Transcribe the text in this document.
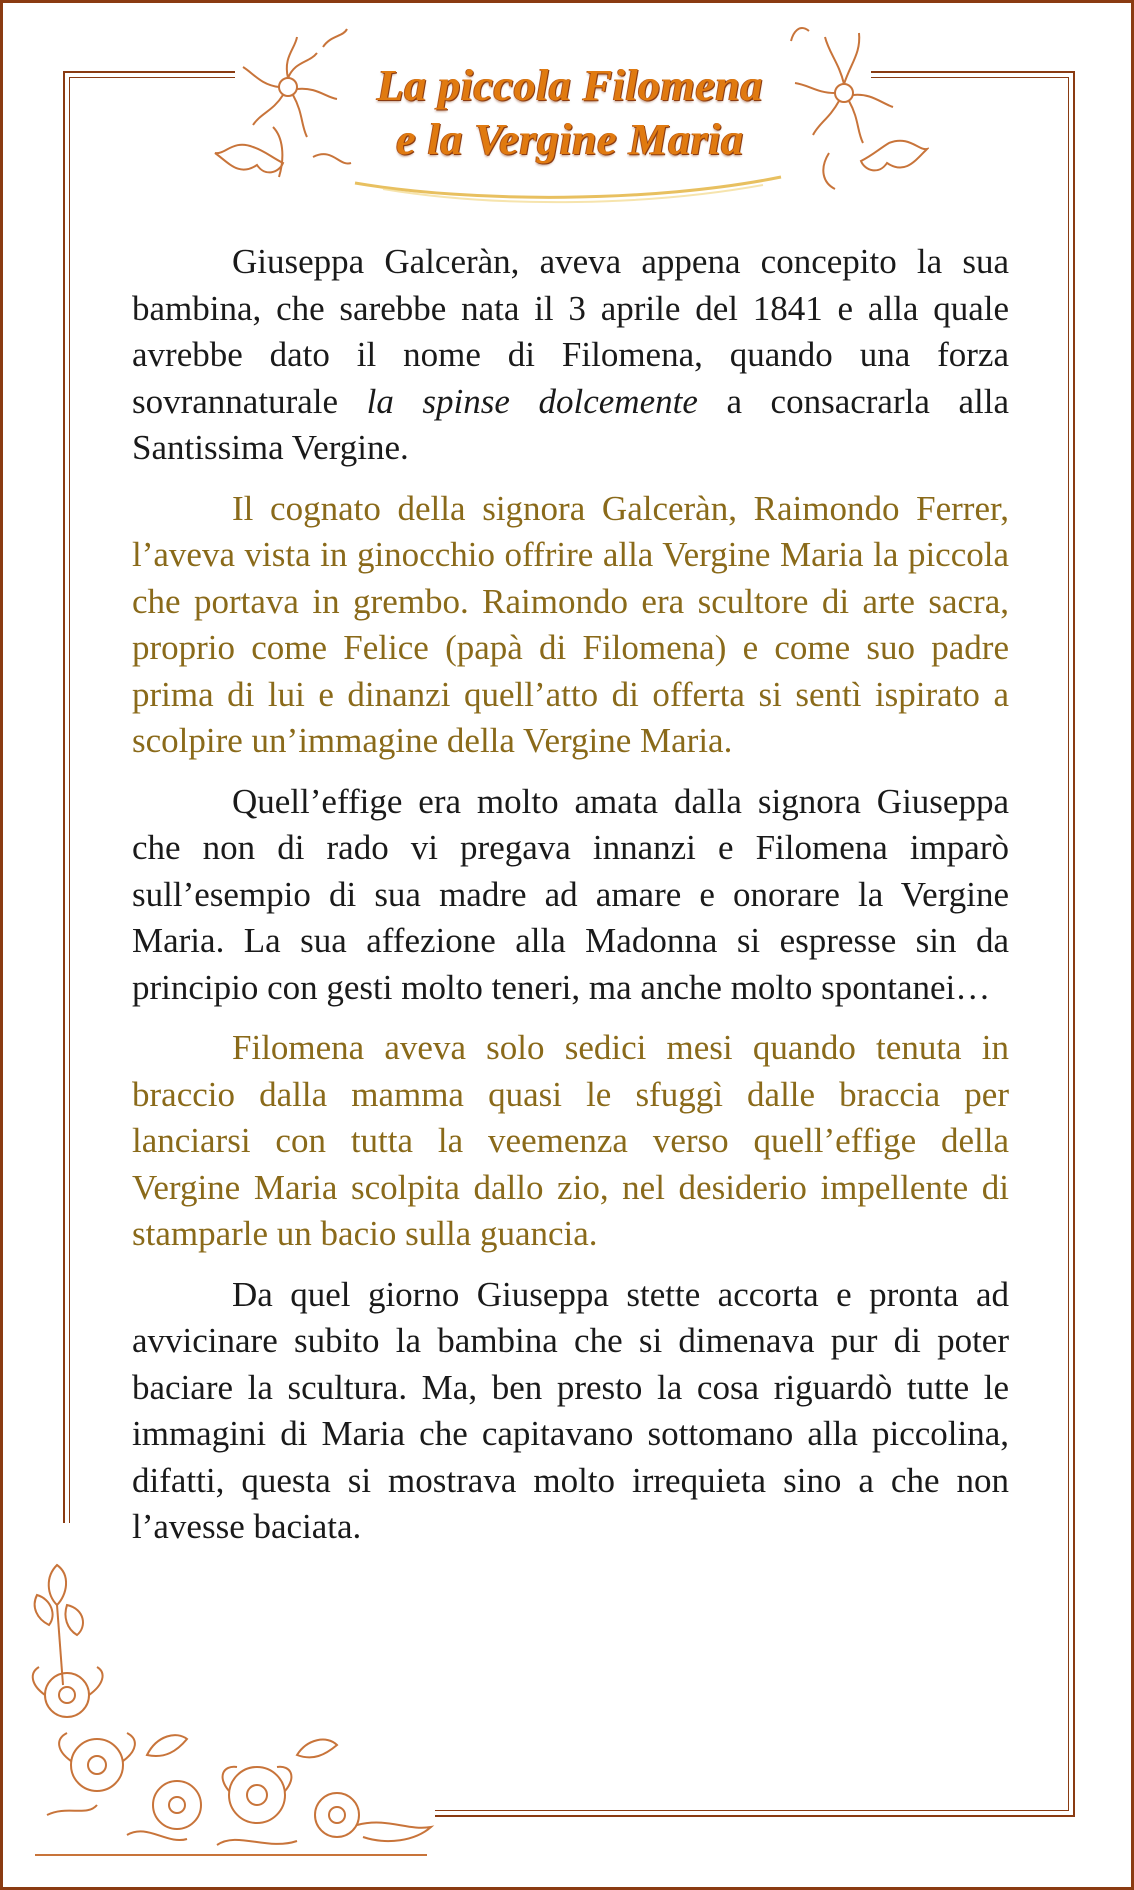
La piccola Filomena
e la Vergine Maria

Giuseppa Galceràn, aveva appena concepito la sua bambina, che sarebbe nata il 3 aprile del 1841 e alla quale avrebbe dato il nome di Filomena, quando una forza sovrannaturale la spinse dolcemente a consacrarla alla Santissima Vergine.

Il cognato della signora Galceràn, Raimondo Ferrer, l’aveva vista in ginocchio offrire alla Vergine Maria la piccola che portava in grembo. Raimondo era scultore di arte sacra, proprio come Felice (papà di Filomena) e come suo padre prima di lui e dinanzi quell’atto di offerta si sentì ispirato a scolpire un’immagine della Vergine Maria.

Quell’effige era molto amata dalla signora Giuseppa che non di rado vi pregava innanzi e Filomena imparò sull’esempio di sua madre ad amare e onorare la Vergine Maria. La sua affezione alla Madonna si espresse sin da principio con gesti molto teneri, ma anche molto spontanei…

Filomena aveva solo sedici mesi quando tenuta in braccio dalla mamma quasi le sfuggì dalle braccia per lanciarsi con tutta la veemenza verso quell’effige della Vergine Maria scolpita dallo zio, nel desiderio impellente di stamparle un bacio sulla guancia.

Da quel giorno Giuseppa stette accorta e pronta ad avvicinare subito la bambina che si dimenava pur di poter baciare la scultura. Ma, ben presto la cosa riguardò tutte le immagini di Maria che capitavano sottomano alla piccolina, difatti, questa si mostrava molto irrequieta sino a che non l’avesse baciata.
